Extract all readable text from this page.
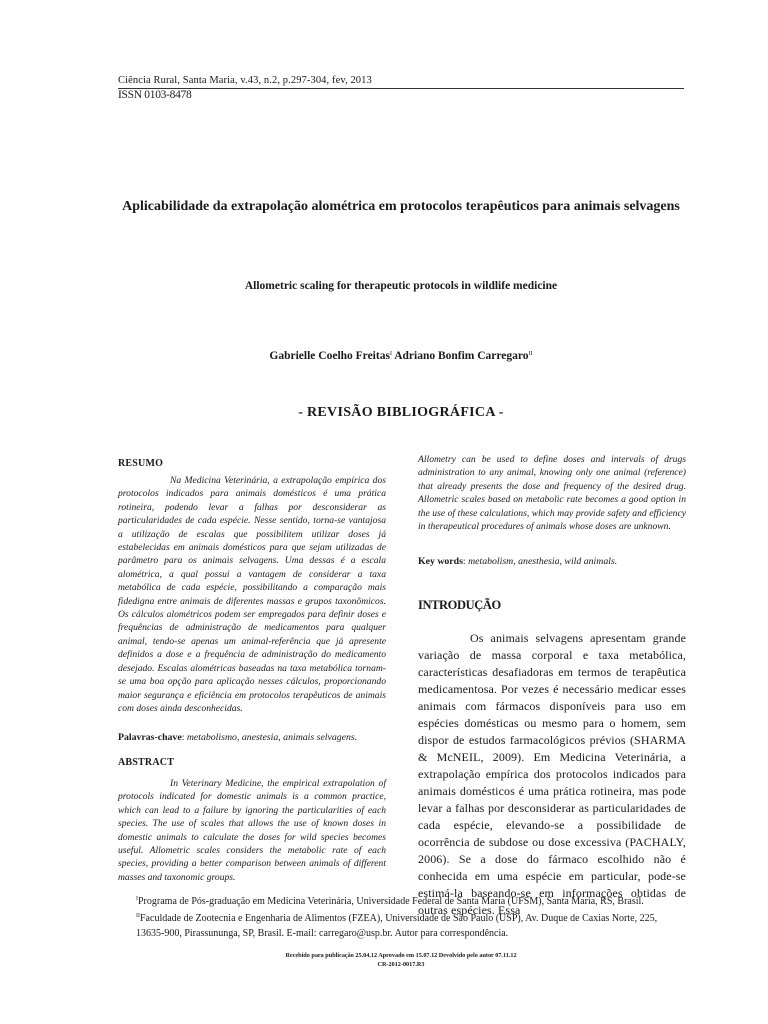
Ciência Rural, Santa Maria, v.43, n.2, p.297-304, fev, 2013
ISSN 0103-8478
Aplicabilidade da extrapolação alométrica em protocolos terapêuticos para animais selvagens
Allometric scaling for therapeutic protocols in wildlife medicine
Gabrielle Coelho Freitas$^I$ Adriano Bonfim Carregaro$^{II}$
- REVISÃO BIBLIOGRÁFICA -
RESUMO
Na Medicina Veterinária, a extrapolação empírica dos protocolos indicados para animais domésticos é uma prática rotineira, podendo levar a falhas por desconsiderar as particularidades de cada espécie. Nesse sentido, torna-se vantajosa a utilização de escalas que possibilitem utilizar doses já estabelecidas em animais domésticos para que sejam utilizadas de parâmetro para os animais selvagens. Uma dessas é a escala alométrica, a qual possui a vantagem de considerar a taxa metabólica de cada espécie, possibilitando a comparação mais fidedigna entre animais de diferentes massas e grupos taxonômicos. Os cálculos alométricos podem ser empregados para definir doses e frequências de administração de medicamentos para qualquer animal, tendo-se apenas um animal-referência que já apresente definidos a dose e a frequência de administração do medicamento desejado. Escalas alométricas baseadas na taxa metabólica tornam-se uma boa opção para aplicação nesses cálculos, proporcionando maior segurança e eficiência em protocolos terapêuticos de animais com doses ainda desconhecidas.
Palavras-chave: metabolismo, anestesia, animais selvagens.
ABSTRACT
In Veterinary Medicine, the empirical extrapolation of protocols indicated for domestic animals is a common practice, which can lead to a failure by ignoring the particularities of each species. The use of scales that allows the use of known doses in domestic animals to calculate the doses for wild species becomes useful. Allometric scales considers the metabolic rate of each species, providing a better comparison between animals of different masses and taxonomic groups.
Allometry can be used to define doses and intervals of drugs administration to any animal, knowing only one animal (reference) that already presents the dose and frequency of the desired drug. Allometric scales based on metabolic rate becomes a good option in the use of these calculations, which may provide safety and efficiency in therapeutical procedures of animals whose doses are unknown.
Key words: metabolism, anesthesia, wild animals.
INTRODUÇÃO
Os animais selvagens apresentam grande variação de massa corporal e taxa metabólica, características desafiadoras em termos de terapêutica medicamentosa. Por vezes é necessário medicar esses animais com fármacos disponíveis para uso em espécies domésticas ou mesmo para o homem, sem dispor de estudos farmacológicos prévios (SHARMA & McNEIL, 2009). Em Medicina Veterinária, a extrapolação empírica dos protocolos indicados para animais domésticos é uma prática rotineira, mas pode levar a falhas por desconsiderar as particularidades de cada espécie, elevando-se a possibilidade de ocorrência de subdose ou dose excessiva (PACHALY, 2006). Se a dose do fármaco escolhido não é conhecida em uma espécie em particular, pode-se estimá-la baseando-se em informações obtidas de outras espécies. Essa
$^I$Programa de Pós-graduação em Medicina Veterinária, Universidade Federal de Santa Maria (UFSM), Santa Maria, RS, Brasil.
$^{II}$Faculdade de Zootecnia e Engenharia de Alimentos (FZEA), Universidade de São Paulo (USP), Av. Duque de Caxias Norte, 225,
13635-900, Pirassununga, SP, Brasil. E-mail: carregaro@usp.br. Autor para correspondência.
Recebido para publicação 25.04.12 Aprovado em 15.07.12 Devolvido pelo autor 07.11.12
CR-2012-0017.R3
